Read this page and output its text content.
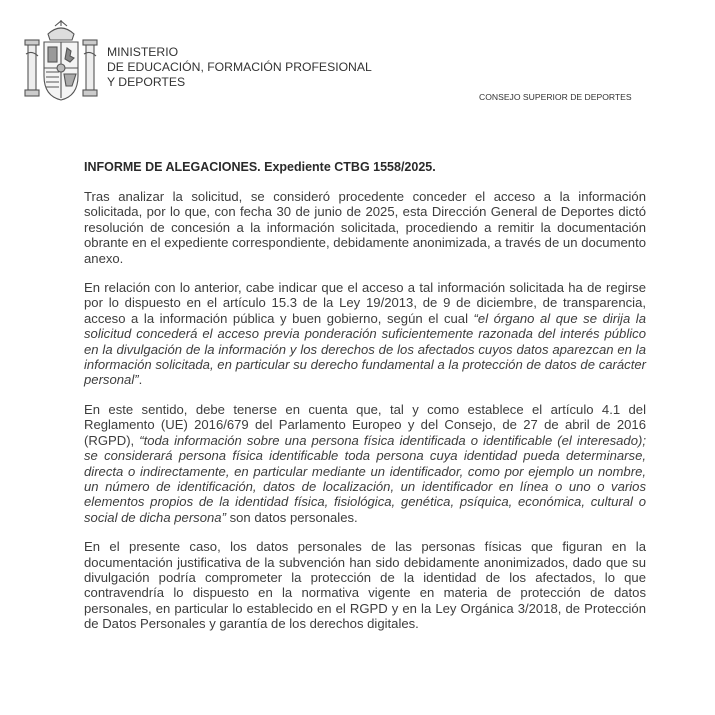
MINISTERIO
DE EDUCACIÓN, FORMACIÓN PROFESIONAL
Y DEPORTES
CONSEJO SUPERIOR DE DEPORTES
INFORME DE ALEGACIONES. Expediente CTBG 1558/2025.

Tras analizar la solicitud, se consideró procedente conceder el acceso a la información solicitada, por lo que, con fecha 30 de junio de 2025, esta Dirección General de Deportes dictó resolución de concesión a la información solicitada, procediendo a remitir la documentación obrante en el expediente correspondiente, debidamente anonimizada, a través de un documento anexo.

En relación con lo anterior, cabe indicar que el acceso a tal información solicitada ha de regirse por lo dispuesto en el artículo 15.3 de la Ley 19/2013, de 9 de diciembre, de transparencia, acceso a la información pública y buen gobierno, según el cual “el órgano al que se dirija la solicitud concederá el acceso previa ponderación suficientemente razonada del interés público en la divulgación de la información y los derechos de los afectados cuyos datos aparezcan en la información solicitada, en particular su derecho fundamental a la protección de datos de carácter personal”.

En este sentido, debe tenerse en cuenta que, tal y como establece el artículo 4.1 del Reglamento (UE) 2016/679 del Parlamento Europeo y del Consejo, de 27 de abril de 2016 (RGPD), “toda información sobre una persona física identificada o identificable (el interesado); se considerará persona física identificable toda persona cuya identidad pueda determinarse, directa o indirectamente, en particular mediante un identificador, como por ejemplo un nombre, un número de identificación, datos de localización, un identificador en línea o uno o varios elementos propios de la identidad física, fisiológica, genética, psíquica, económica, cultural o social de dicha persona” son datos personales.

En el presente caso, los datos personales de las personas físicas que figuran en la documentación justificativa de la subvención han sido debidamente anonimizados, dado que su divulgación podría comprometer la protección de la identidad de los afectados, lo que contravendría lo dispuesto en la normativa vigente en materia de protección de datos personales, en particular lo establecido en el RGPD y en la Ley Orgánica 3/2018, de Protección de Datos Personales y garantía de los derechos digitales.
